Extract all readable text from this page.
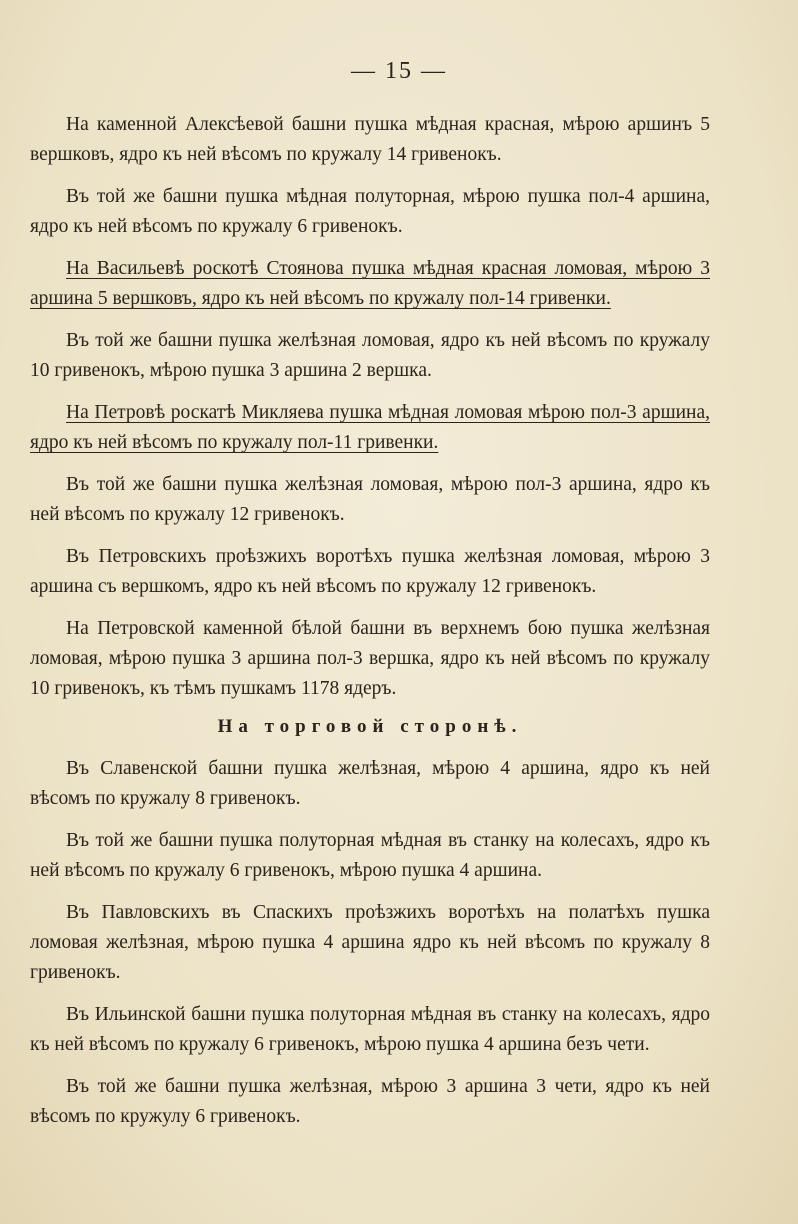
— 15 —

На каменной Алексѣевой башни пушка мѣдная красная, мѣрою аршинъ 5 вершковъ, ядро къ ней вѣсомъ по кружалу 14 гривенокъ.

Въ той же башни пушка мѣдная полуторная, мѣрою пушка пол-4 аршина, ядро къ ней вѣсомъ по кружалу 6 гривенокъ.

На Васильевѣ роскотѣ Стоянова пушка мѣдная красная ломовая, мѣрою 3 аршина 5 вершковъ, ядро къ ней вѣсомъ по кружалу пол-14 гривенки.

Въ той же башни пушка желѣзная ломовая, ядро къ ней вѣсомъ по кружалу 10 гривенокъ, мѣрою пушка 3 аршина 2 вершка.

На Петровѣ роскатѣ Микляева пушка мѣдная ломовая мѣрою пол-3 аршина, ядро къ ней вѣсомъ по кружалу пол-11 гривенки.

Въ той же башни пушка желѣзная ломовая, мѣрою пол-3 аршина, ядро къ ней вѣсомъ по кружалу 12 гривенокъ.

Въ Петровскихъ проѣзжихъ воротѣхъ пушка желѣзная ломовая, мѣрою 3 аршина съ вершкомъ, ядро къ ней вѣсомъ по кружалу 12 гривенокъ.

На Петровской каменной бѣлой башни въ верхнемъ бою пушка желѣзная ломовая, мѣрою пушка 3 аршина пол-3 вершка, ядро къ ней вѣсомъ по кружалу 10 гривенокъ, къ тѣмъ пушкамъ 1178 ядеръ.

На торговой сторонѣ.

Въ Славенской башни пушка желѣзная, мѣрою 4 аршина, ядро къ ней вѣсомъ по кружалу 8 гривенокъ.

Въ той же башни пушка полуторная мѣдная въ станку на колесахъ, ядро къ ней вѣсомъ по кружалу 6 гривенокъ, мѣрою пушка 4 аршина.

Въ Павловскихъ въ Спаскихъ проѣзжихъ воротѣхъ на полатѣхъ пушка ломовая желѣзная, мѣрою пушка 4 аршина ядро къ ней вѣсомъ по кружалу 8 гривенокъ.

Въ Ильинской башни пушка полуторная мѣдная въ станку на колесахъ, ядро къ ней вѣсомъ по кружалу 6 гривенокъ, мѣрою пушка 4 аршина безъ чети.

Въ той же башни пушка желѣзная, мѣрою 3 аршина 3 чети, ядро къ ней вѣсомъ по кружулу 6 гривенокъ.
